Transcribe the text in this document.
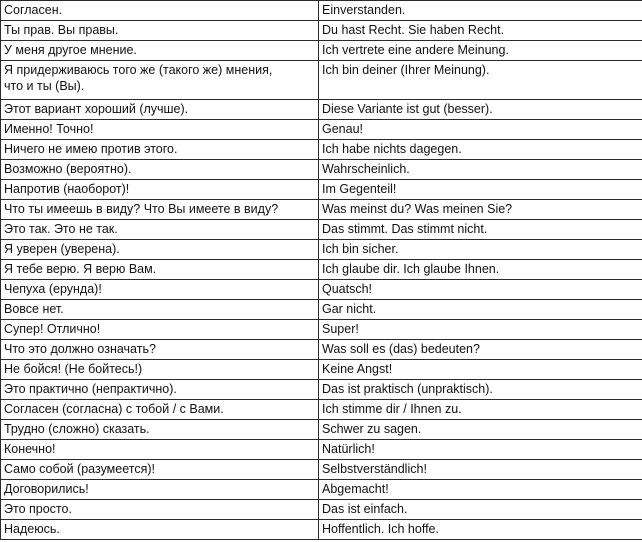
Согласен.	Einverstanden.
Ты прав. Вы правы.	Du hast Recht. Sie haben Recht.
У меня другое мнение.	Ich vertrete eine andere Meinung.
Я придерживаюсь того же (такого же) мнения,
что и ты (Вы).	Ich bin deiner (Ihrer Meinung).
Этот вариант хороший (лучше).	Diese Variante ist gut (besser).
Именно! Точно!	Genau!
Ничего не имею против этого.	Ich habe nichts dagegen.
Возможно (вероятно).	Wahrscheinlich.
Напротив (наоборот)!	Im Gegenteil!
Что ты имеешь в виду? Что Вы имеете в виду?	Was meinst du? Was meinen Sie?
Это так. Это не так.	Das stimmt. Das stimmt nicht.
Я уверен (уверена).	Ich bin sicher.
Я тебе верю. Я верю Вам.	Ich glaube dir. Ich glaube Ihnen.
Чепуха (ерунда)!	Quatsch!
Вовсе нет.	Gar nicht.
Супер! Отлично!	Super!
Что это должно означать?	Was soll es (das) bedeuten?
Не бойся! (Не бойтесь!)	Keine Angst!
Это практично (непрактично).	Das ist praktisch (unpraktisch).
Согласен (согласна) с тобой / с Вами.	Ich stimme dir / Ihnen zu.
Трудно (сложно) сказать.	Schwer zu sagen.
Конечно!	Natürlich!
Само собой (разумеется)!	Selbstverständlich!
Договорились!	Abgemacht!
Это просто.	Das ist einfach.
Надеюсь.	Hoffentlich. Ich hoffe.
